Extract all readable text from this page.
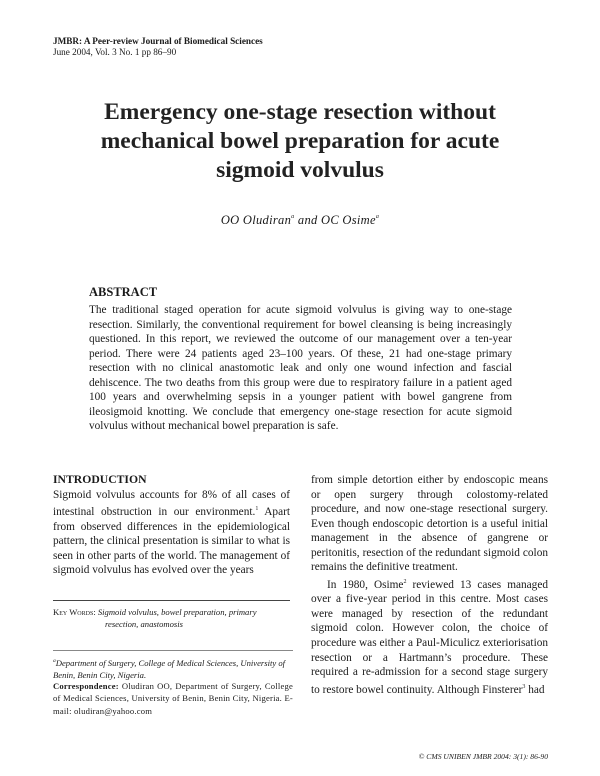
JMBR: A Peer-review Journal of Biomedical Sciences
June 2004, Vol. 3 No. 1 pp 86–90
Emergency one-stage resection without
mechanical bowel preparation for acute
sigmoid volvulus
OO Oludiran$^a$ and OC Osime$^a$
ABSTRACT
The traditional staged operation for acute sigmoid volvulus is giving way to one-stage resection. Similarly, the conventional requirement for bowel cleansing is being increasingly questioned. In this report, we reviewed the outcome of our management over a ten-year period. There were 24 patients aged 23–100 years. Of these, 21 had one-stage primary resection with no clinical anastomotic leak and only one wound infection and fascial dehiscence. The two deaths from this group were due to respiratory failure in a patient aged 100 years and overwhelming sepsis in a younger patient with bowel gangrene from ileosigmoid knotting. We conclude that emergency one-stage resection for acute sigmoid volvulus without mechanical bowel preparation is safe.
INTRODUCTION
Sigmoid volvulus accounts for 8% of all cases of intestinal obstruction in our environment.$^1$ Apart from observed differences in the epidemiological pattern, the clinical presentation is similar to what is seen in other parts of the world. The management of sigmoid volvulus has evolved over the years
Key Words: Sigmoid volvulus, bowel preparation, primary
resection, anastomosis
$^a$Department of Surgery, College of Medical Sciences, University of Benin, Benin City, Nigeria.
Correspondence: Oludiran OO, Department of Surgery, College of Medical Sciences, University of Benin, Benin City, Nigeria. E-mail: oludiran@yahoo.com

from simple detortion either by endoscopic means or open surgery through colostomy-related procedure, and now one-stage resectional surgery. Even though endoscopic detortion is a useful initial management in the absence of gangrene or peritonitis, resection of the redundant sigmoid colon remains the definitive treatment.

In 1980, Osime$^2$ reviewed 13 cases managed over a five-year period in this centre. Most cases were managed by resection of the redundant sigmoid colon. However colon, the choice of procedure was either a Paul-Miculicz exteriorisation resection or a Hartmann’s procedure. These required a re-admission for a second stage surgery to restore bowel continuity. Although Finsterer$^3$ had

© CMS UNIBEN JMBR 2004: 3(1): 86-90
